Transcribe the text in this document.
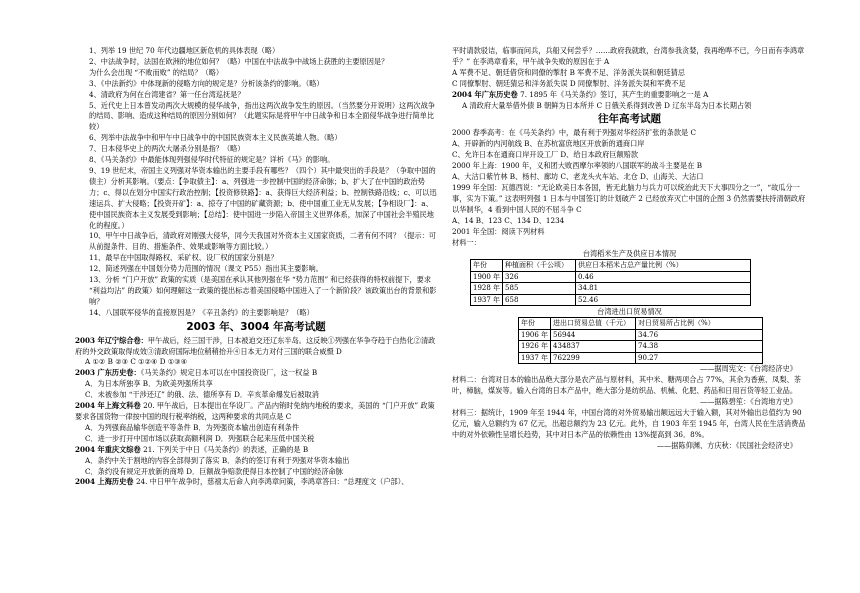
1、列举 19 世纪 70 年代边疆地区新危机的具体表现（略）
2、中法战争时，法国在欧洲的地位如何？（略）中国在中法战争中战场上获胜的主要原因是？
为什么会出现 “不败而败” 的结局？（略）
3、《中法新约》中体现新的侵略方向的规定是？分析该条约的影响。（略）
4、清政府为何在台湾建省？第一任台湾巡抚是？
5、近代史上日本曾发动两次大规模的侵华战争，指出这两次战争发生的原因。（当然要分开说明）这两次战争的结局、影响、造成这种结局的原因分别如何？（此题实际是将甲午中日战争和日本全面侵华战争进行简单比较）
6、列举中法战争中和甲午中日战争中的中国民族资本主义民族英雄人物。（略）
7、日本侵华史上的两次大屠杀分别是指？（略）
8、《马关条约》中最能体现列强侵华时代特征的规定是？详析《马》的影响。
9、19 世纪末，帝国主义列强对华资本输出的主要手段有哪些？（四个）其中最突出的手段是？（争取中国的债主）分析其影响。（要点：【争取债主】：a、列强进一步控制中国的经济命脉；b、扩大了在中国的政治势力；c、得以在划分中国实行政治控制；【投资修铁路】：a、获得巨大经济利益；b、控制铁路沿线；c、可以迅速运兵、扩大侵略；【投资开矿】：a、掠夺了中国的矿藏资源；b、使中国重工业无从发展；【争相设厂】：a、使中国民族资本主义发展受到影响；【总结】：使中国进一步陷入帝国主义世界体系，加深了中国社会半殖民地化的程度。）
10、甲午中日战争后，清政府对刚强大侵华，同今天我国对外资本主义国家资质，二者有何不同？（提示：可从前提条件、目的、措施条件、效果或影响等方面比较。）
11、最早在中国取得路权、采矿权、设厂权的国家分别是？
12、简述列强在中国划分势力范围的情况（课文 P55）指出其主要影响。
13、分析 “门户开放” 政策的实质（是美国在承认其他列强在华 “势力范围” 和已经获得的特权前提下，要求 “利益均沾” 的政策）如何理解这一政策的提出标志着美国侵略中国进入了一个新阶段？该政策出台的背景和影响？
14、八国联军侵华的直接原因是？《辛丑条约》的主要影响是？（略）
2003 年、3004 年高考试题
2003 年辽宁综合卷：甲午战后，经三国干涉，日本被迫交还辽东半岛。这反映①列强在华争夺趋于白热化②清政府的外交政策取得成效③清政府国际地位稍稍抬升④日本无力对付三国的联合威慑 D
A ①② B ②③ C ①②④ D ①③④
2003 广东历史卷：《马关条约》规定日本可以在中国投资设厂，这一权益 B
A．为日本所独享 B．为欧美列强所共享
C．未被参加 “干涉还辽” 的俄、法、德所享有 D．辛亥革命爆发后被取消
2004 年上海文科卷 20. 甲午战后，日本提出在华设厂。产品内销时免纳内地税的要求，美国的 “门户开放” 政策要求各国货物一律按中国的现行税率纳税，这两种要求的共同点是 C
A．为列强商品输华创造平等条件 B．为列强资本输出创造有利条件
C．进一步打开中国市场以获取高额利润 D．列强联合起来压低中国关税
2004 年重庆文综卷 21. 下列关于中日《马关条约》的表述，正确的是 B
A．条约中关于割地的内容全部得到了落实 B．条约的签订有利于列强对华资本输出
C．条约没有规定开放新的商埠 D．巨额战争赔款使得日本控制了中国的经济命脉
2004 上海历史卷 24. 中日甲午战争时，慈禧太后命人向李鸿章问策，李鸿章答曰：“总理度文（户部）、
平时请款驳诘，临事而问兵，兵船又何尝乎？……政府我就敢，台湾参我贪婪，我再绝哗不已，今日而有李鸿章乎？” 在李鸿章看来，甲午战争失败的原因在于 A
A 军费不足、朝廷借贷和同僚的掣肘 B 军费不足、洋务派失误和朝廷猜忌
C 同僚掣肘、朝廷猜忌和洋务派失误 D 同僚掣肘、洋务派失误和军费不足
2004 年广东历史卷 7. 1895 年《马关条约》签订，其产生的重要影响之一是 A
A 清政府大量举借外债 B 朝鲜为日本所并 C 日俄关系得到改善 D 辽东半岛为日本长期占领
往年高考试题
2000 春季高考：在《马关条约》中，最有利于列强对华经济扩张的条款是 C
A、开辟新的内河航线 B、在苏杭富庶地区开放新的通商口岸
C、允许日本在通商口岸开设工厂 D、给日本政府巨额赔款
2000 年上海：1900 年，义和团大败西摩尔率领的八国联军的战斗主要是在 B
A、大沽口紫竹林 B、杨村、廊坊 C、老龙头火车站、北仓 D、山海关、大沽口
1999 年全国：瓦德西说：“无论欧美日本各国，皆无此脑力与兵力可以统治此天下大事四分之一”，“故瓜分一事，实为下策。” 这表明列强 1 日本与中国签订的计划破产 2 已经放弃灭亡中国的企图 3 仍然需要扶持清朝政府以华制华，4 看到中国人民的不屈斗争 C
A、14 B、123 C、134 D、1234
2001 年全国：阅读下列材料
材料一：
台湾稻米生产及供应日本情况
年份	种植面积（千公顷）	供应日本稻米占总产量比例（%）
1900 年	326	0.46
1928 年	585	34.81
1937 年	658	52.46
台湾进出口贸易情况
年份	进出口贸易总值（千元）	对日贸易所占比例（%）
1906 年	56944	34.76
1926 年	434837	74.38
1937 年	762299	90.27
——据周宪文：《台湾经济史》
材料二：台湾对日本的输出品绝大部分是农产品与原材料，其中米、糖两项合占 77%，其余为香蕉、凤梨、茶叶，樟脑，煤炭等。输入台湾的日本产品中，绝大部分是纺织品、机械、化肥、药品和日用百货等轻工业品。
——据陈碧笙：《台湾地方史》
材料三：据统计，1909 年至 1944 年，中国台湾的对外贸易输出额远远大于输入额，其对外输出总值约为 90 亿元，输入总额约为 67 亿元，出超总额约为 23 亿元。此外，自 1903 年至 1945 年，台湾人民在生活消费品中的对外依赖性呈增长趋势，其中对日本产品的依赖性由 13%提高到 36．8%。
——据陈仰渊、方庆秋：《民国社会经济史》
